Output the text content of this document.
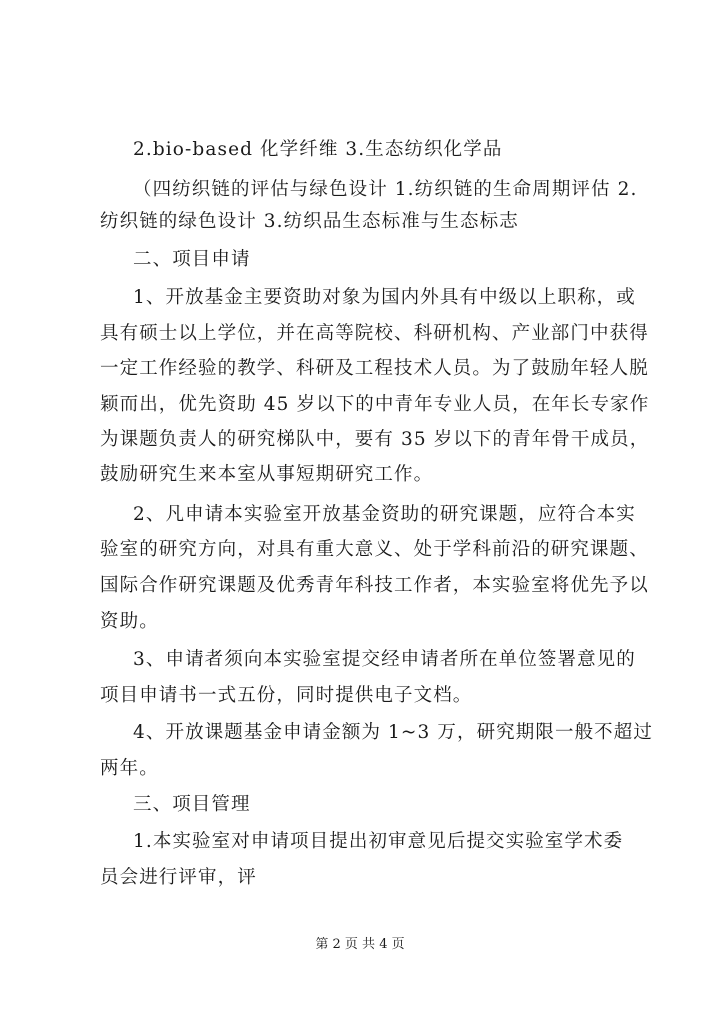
2.bio-based 化学纤维 3.生态纺织化学品
（四纺织链的评估与绿色设计 1.纺织链的生命周期评估 2.
纺织链的绿色设计 3.纺织品生态标准与生态标志
二、项目申请
1、开放基金主要资助对象为国内外具有中级以上职称，或
具有硕士以上学位，并在高等院校、科研机构、产业部门中获得
一定工作经验的教学、科研及工程技术人员。为了鼓励年轻人脱
颖而出，优先资助 45 岁以下的中青年专业人员，在年长专家作
为课题负责人的研究梯队中，要有 35 岁以下的青年骨干成员，
鼓励研究生来本室从事短期研究工作。
2、凡申请本实验室开放基金资助的研究课题，应符合本实
验室的研究方向，对具有重大意义、处于学科前沿的研究课题、
国际合作研究课题及优秀青年科技工作者，本实验室将优先予以
资助。
3、申请者须向本实验室提交经申请者所在单位签署意见的
项目申请书一式五份，同时提供电子文档。
4、开放课题基金申请金额为 1~3 万，研究期限一般不超过
两年。
三、项目管理
1.本实验室对申请项目提出初审意见后提交实验室学术委
员会进行评审，评
第 2 页 共 4 页
